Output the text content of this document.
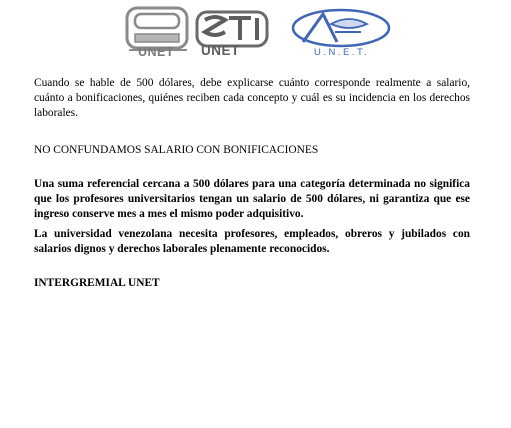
UNET UNET	U.N.E.T.

Cuando se hable de 500 dólares, debe explicarse cuánto corresponde realmente a salario, cuánto a bonificaciones, quiénes reciben cada concepto y cuál es su incidencia en los derechos laborales.

NO CONFUNDAMOS SALARIO CON BONIFICACIONES

Una suma referencial cercana a 500 dólares para una categoría determinada no significa que los profesores universitarios tengan un salario de 500 dólares, ni garantiza que ese ingreso conserve mes a mes el mismo poder adquisitivo.

La universidad venezolana necesita profesores, empleados, obreros y jubilados con salarios dignos y derechos laborales plenamente reconocidos.

INTERGREMIAL UNET
